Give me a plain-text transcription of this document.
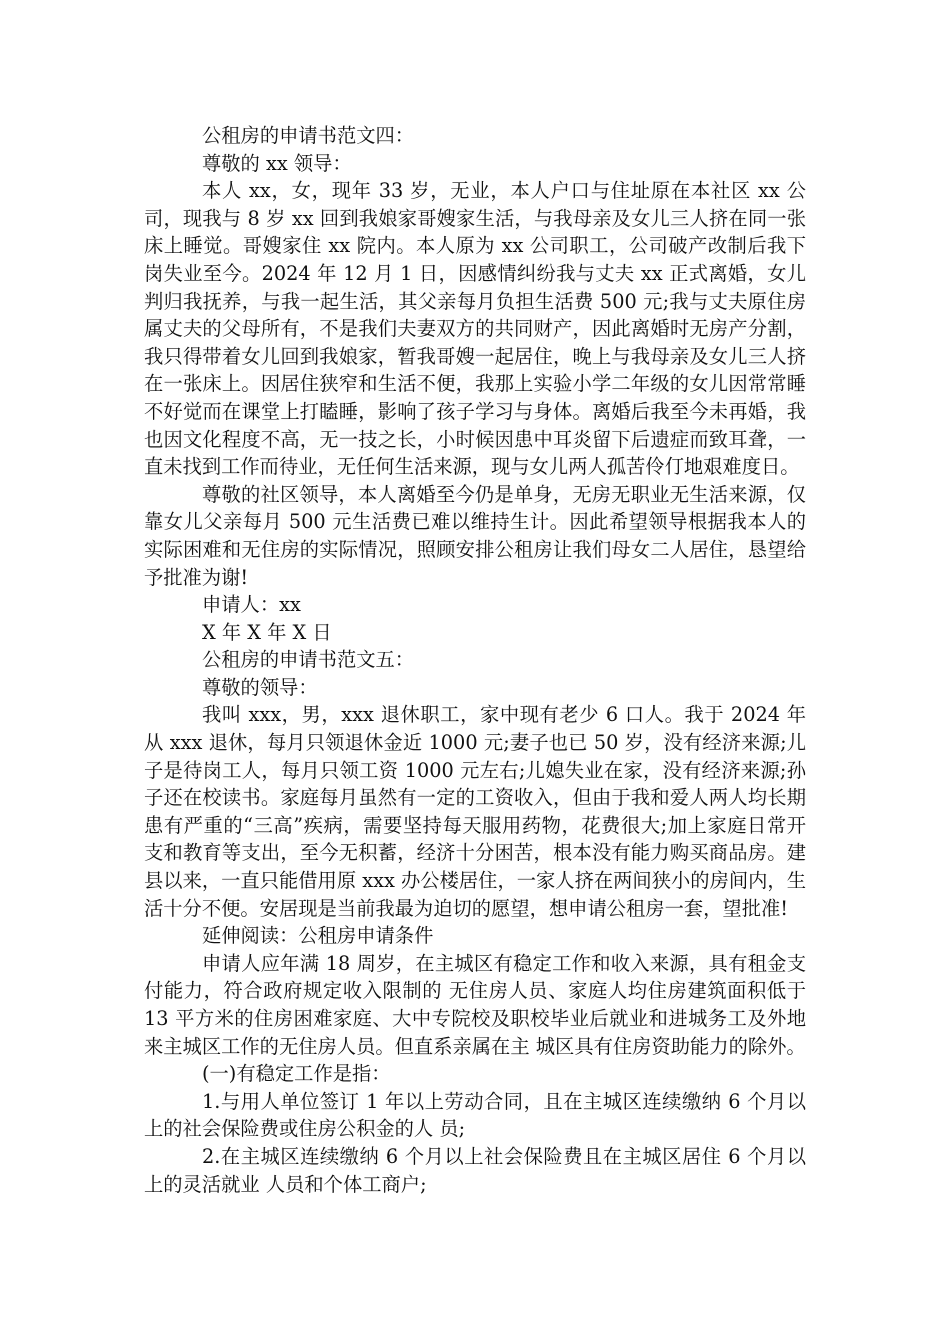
公租房的申请书范文四：

尊敬的 xx 领导：

本人 xx，女，现年 33 岁，无业，本人户口与住址原在本社区 xx 公司，现我与 8 岁 xx 回到我娘家哥嫂家生活，与我母亲及女儿三人挤在同一张床上睡觉。哥嫂家住 xx 院内。本人原为 xx 公司职工，公司破产改制后我下岗失业至今。2024 年 12 月 1 日，因感情纠纷我与丈夫 xx 正式离婚，女儿判归我抚养，与我一起生活，其父亲每月负担生活费 500 元;我与丈夫原住房属丈夫的父母所有，不是我们夫妻双方的共同财产，因此离婚时无房产分割，我只得带着女儿回到我娘家，暂我哥嫂一起居住，晚上与我母亲及女儿三人挤在一张床上。因居住狭窄和生活不便，我那上实验小学二年级的女儿因常常睡不好觉而在课堂上打瞌睡，影响了孩子学习与身体。离婚后我至今未再婚，我也因文化程度不高，无一技之长，小时候因患中耳炎留下后遗症而致耳聋，一直未找到工作而待业，无任何生活来源，现与女儿两人孤苦伶仃地艰难度日。

尊敬的社区领导，本人离婚至今仍是单身，无房无职业无生活来源，仅靠女儿父亲每月 500 元生活费已难以维持生计。因此希望领导根据我本人的实际困难和无住房的实际情况，照顾安排公租房让我们母女二人居住，恳望给予批准为谢!

申请人：xx

X 年 X 年 X 日

公租房的申请书范文五：

尊敬的领导：

我叫 xxx，男，xxx 退休职工，家中现有老少 6 口人。我于 2024 年从 xxx 退休，每月只领退休金近 1000 元;妻子也已 50 岁，没有经济来源;儿子是待岗工人，每月只领工资 1000 元左右;儿媳失业在家，没有经济来源;孙子还在校读书。家庭每月虽然有一定的工资收入，但由于我和爱人两人均长期患有严重的“三高”疾病，需要坚持每天服用药物，花费很大;加上家庭日常开支和教育等支出，至今无积蓄，经济十分困苦，根本没有能力购买商品房。建县以来，一直只能借用原 xxx 办公楼居住，一家人挤在两间狭小的房间内，生活十分不便。安居现是当前我最为迫切的愿望，想申请公租房一套，望批准!

延伸阅读：公租房申请条件

申请人应年满 18 周岁，在主城区有稳定工作和收入来源，具有租金支付能力，符合政府规定收入限制的 无住房人员、家庭人均住房建筑面积低于 13 平方米的住房困难家庭、大中专院校及职校毕业后就业和进城务工及外地来主城区工作的无住房人员。但直系亲属在主 城区具有住房资助能力的除外。

(一)有稳定工作是指：

1.与用人单位签订 1 年以上劳动合同，且在主城区连续缴纳 6 个月以上的社会保险费或住房公积金的人 员;

2.在主城区连续缴纳 6 个月以上社会保险费且在主城区居住 6 个月以上的灵活就业 人员和个体工商户;
